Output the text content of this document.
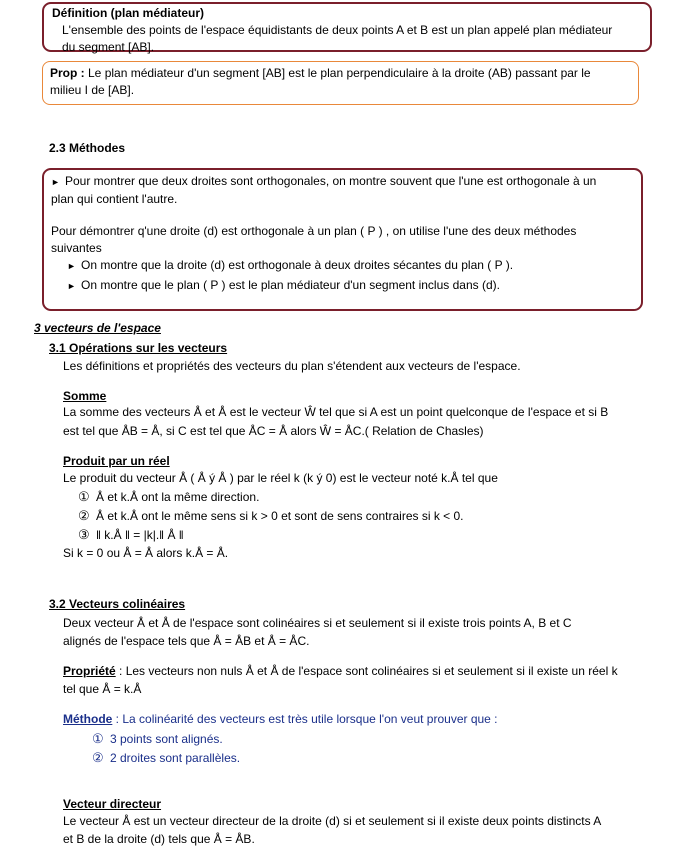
Définition (plan médiateur)
L'ensemble des points de l'espace équidistants de deux points A et B est un plan appelé plan médiateur
du segment [AB].
Prop : Le plan médiateur d'un segment [AB] est le plan perpendiculaire à la droite (AB) passant par le
milieu I de [AB].
2.3 Méthodes
► Pour montrer que deux droites sont orthogonales, on montre souvent que l'une est orthogonale à un
plan qui contient l'autre.
Pour démontrer q'une droite (d) est orthogonale à un plan ( P ) , on utilise l'une des deux méthodes
suivantes
► On montre que la droite (d) est orthogonale à deux droites sécantes du plan ( P ).
► On montre que le plan ( P ) est le plan médiateur d'un segment inclus dans (d).
3 vecteurs de l'espace
3.1 Opérations sur les vecteurs
Les définitions et propriétés des vecteurs du plan s'étendent aux vecteurs de l'espace.
Somme
La somme des vecteurs Å et Å est le vecteur Ŵ tel que si A est un point quelconque de l'espace et si B
est tel que ÅB = Å, si C est tel que ÅC = Å alors Ŵ = ÅC.( Relation de Chasles)
Produit par un réel
Le produit du vecteur Å ( Å ý Å ) par le réel k (k ý 0) est le vecteur noté k.Å tel que
① Å et k.Å ont la même direction.
② Å et k.Å ont le même sens si k > 0 et sont de sens contraires si k < 0.
③ ‖ k.Å ‖ = |k|.‖ Å ‖
Si k = 0 ou Å = Å alors k.Å = Å.
3.2 Vecteurs colinéaires
Deux vecteur Å et Å de l'espace sont colinéaires si et seulement si il existe trois points A, B et C
alignés de l'espace tels que Å = ÅB et Å = ÅC.
Propriété : Les vecteurs non nuls Å et Å de l'espace sont colinéaires si et seulement si il existe un réel k
tel que Å = k.Å
Méthode : La colinéarité des vecteurs est très utile lorsque l'on veut prouver que :
① 3 points sont alignés.
② 2 droites sont parallèles.
Vecteur directeur
Le vecteur Å est un vecteur directeur de la droite (d) si et seulement si il existe deux points distincts A
et B de la droite (d) tels que Å = ÅB.
